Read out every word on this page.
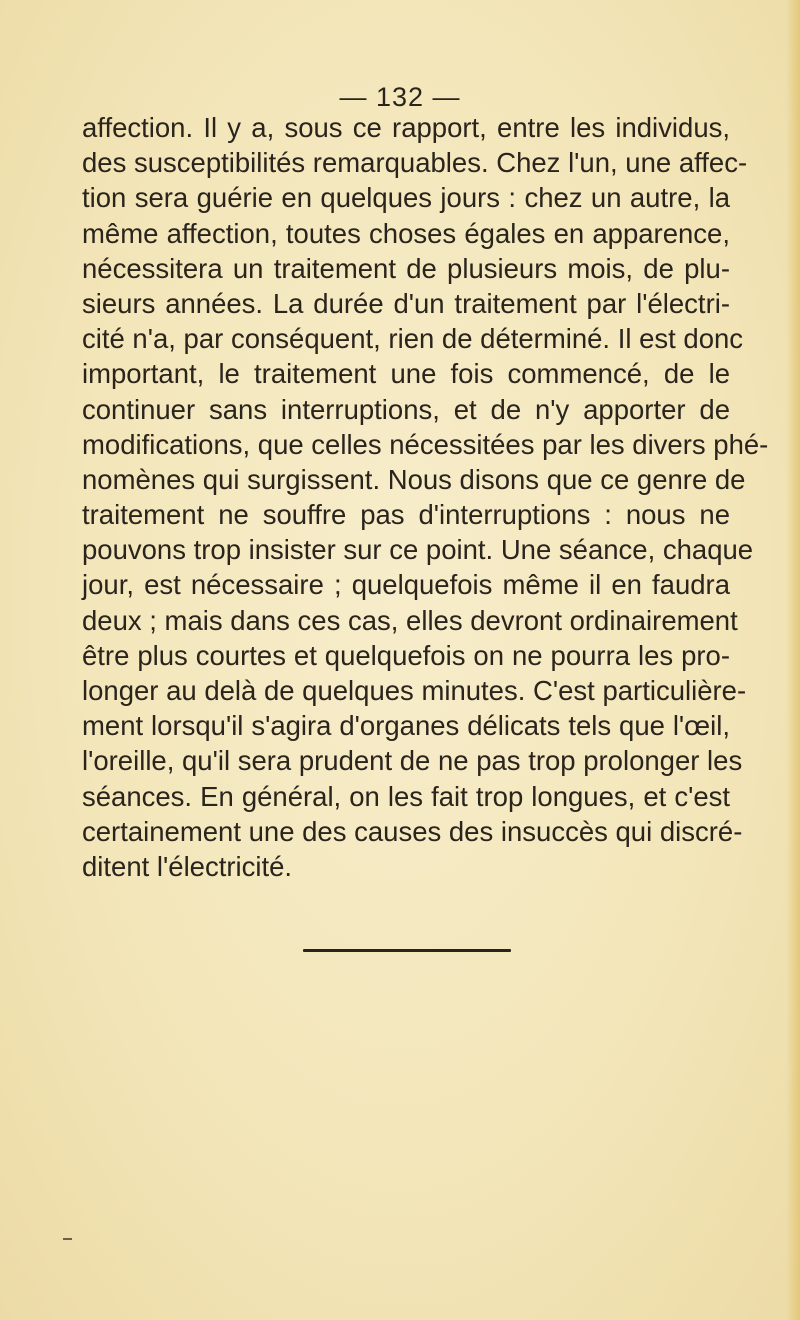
— 132 —
affection. Il y a, sous ce rapport, entre les individus,
des susceptibilités remarquables. Chez l'un, une affec-
tion sera guérie en quelques jours : chez un autre, la
même affection, toutes choses égales en apparence,
nécessitera un traitement de plusieurs mois, de plu-
sieurs années. La durée d'un traitement par l'électri-
cité n'a, par conséquent, rien de déterminé. Il est donc
important, le traitement une fois commencé, de le
continuer sans interruptions, et de n'y apporter de
modifications, que celles nécessitées par les divers phé-
nomènes qui surgissent. Nous disons que ce genre de
traitement ne souffre pas d'interruptions : nous ne
pouvons trop insister sur ce point. Une séance, chaque
jour, est nécessaire ; quelquefois même il en faudra
deux ; mais dans ces cas, elles devront ordinairement
être plus courtes et quelquefois on ne pourra les pro-
longer au delà de quelques minutes. C'est particulière-
ment lorsqu'il s'agira d'organes délicats tels que l'œil,
l'oreille, qu'il sera prudent de ne pas trop prolonger les
séances. En général, on les fait trop longues, et c'est
certainement une des causes des insuccès qui discré-
ditent l'électricité.
